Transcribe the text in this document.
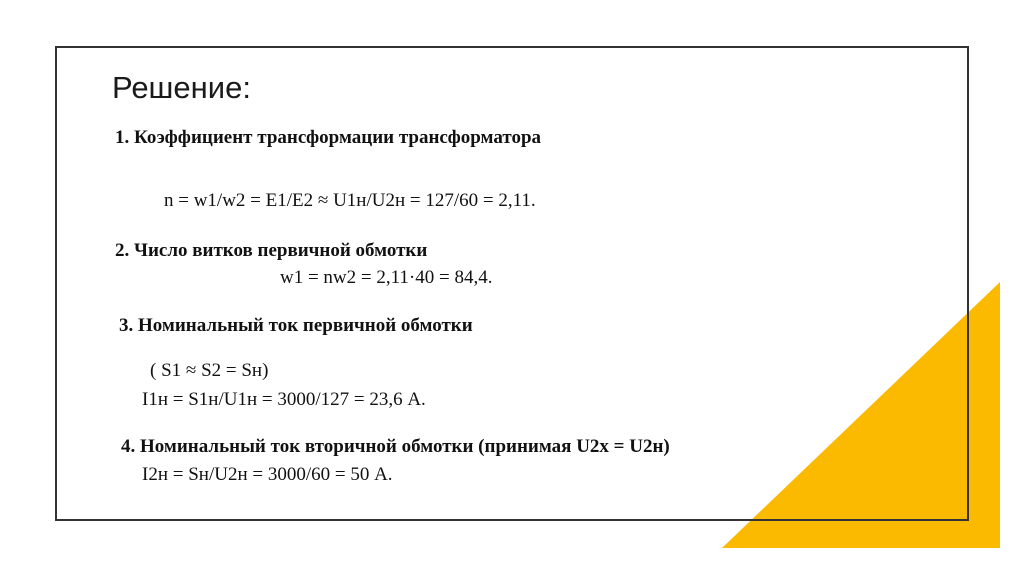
Решение:
1. Коэффициент трансформации трансформатора
n = w1/w2 = E1/E2 ≈ U1н/U2н = 127/60 = 2,11.
2. Число витков первичной обмотки
w1 = nw2 = 2,11·40 = 84,4.
3. Номинальный ток первичной обмотки
( S1 ≈ S2 = Sн)
I1н = S1н/U1н = 3000/127 = 23,6 А.
4. Номинальный ток вторичной обмотки (принимая U2x = U2н)
I2н = Sн/U2н = 3000/60 = 50 А.
